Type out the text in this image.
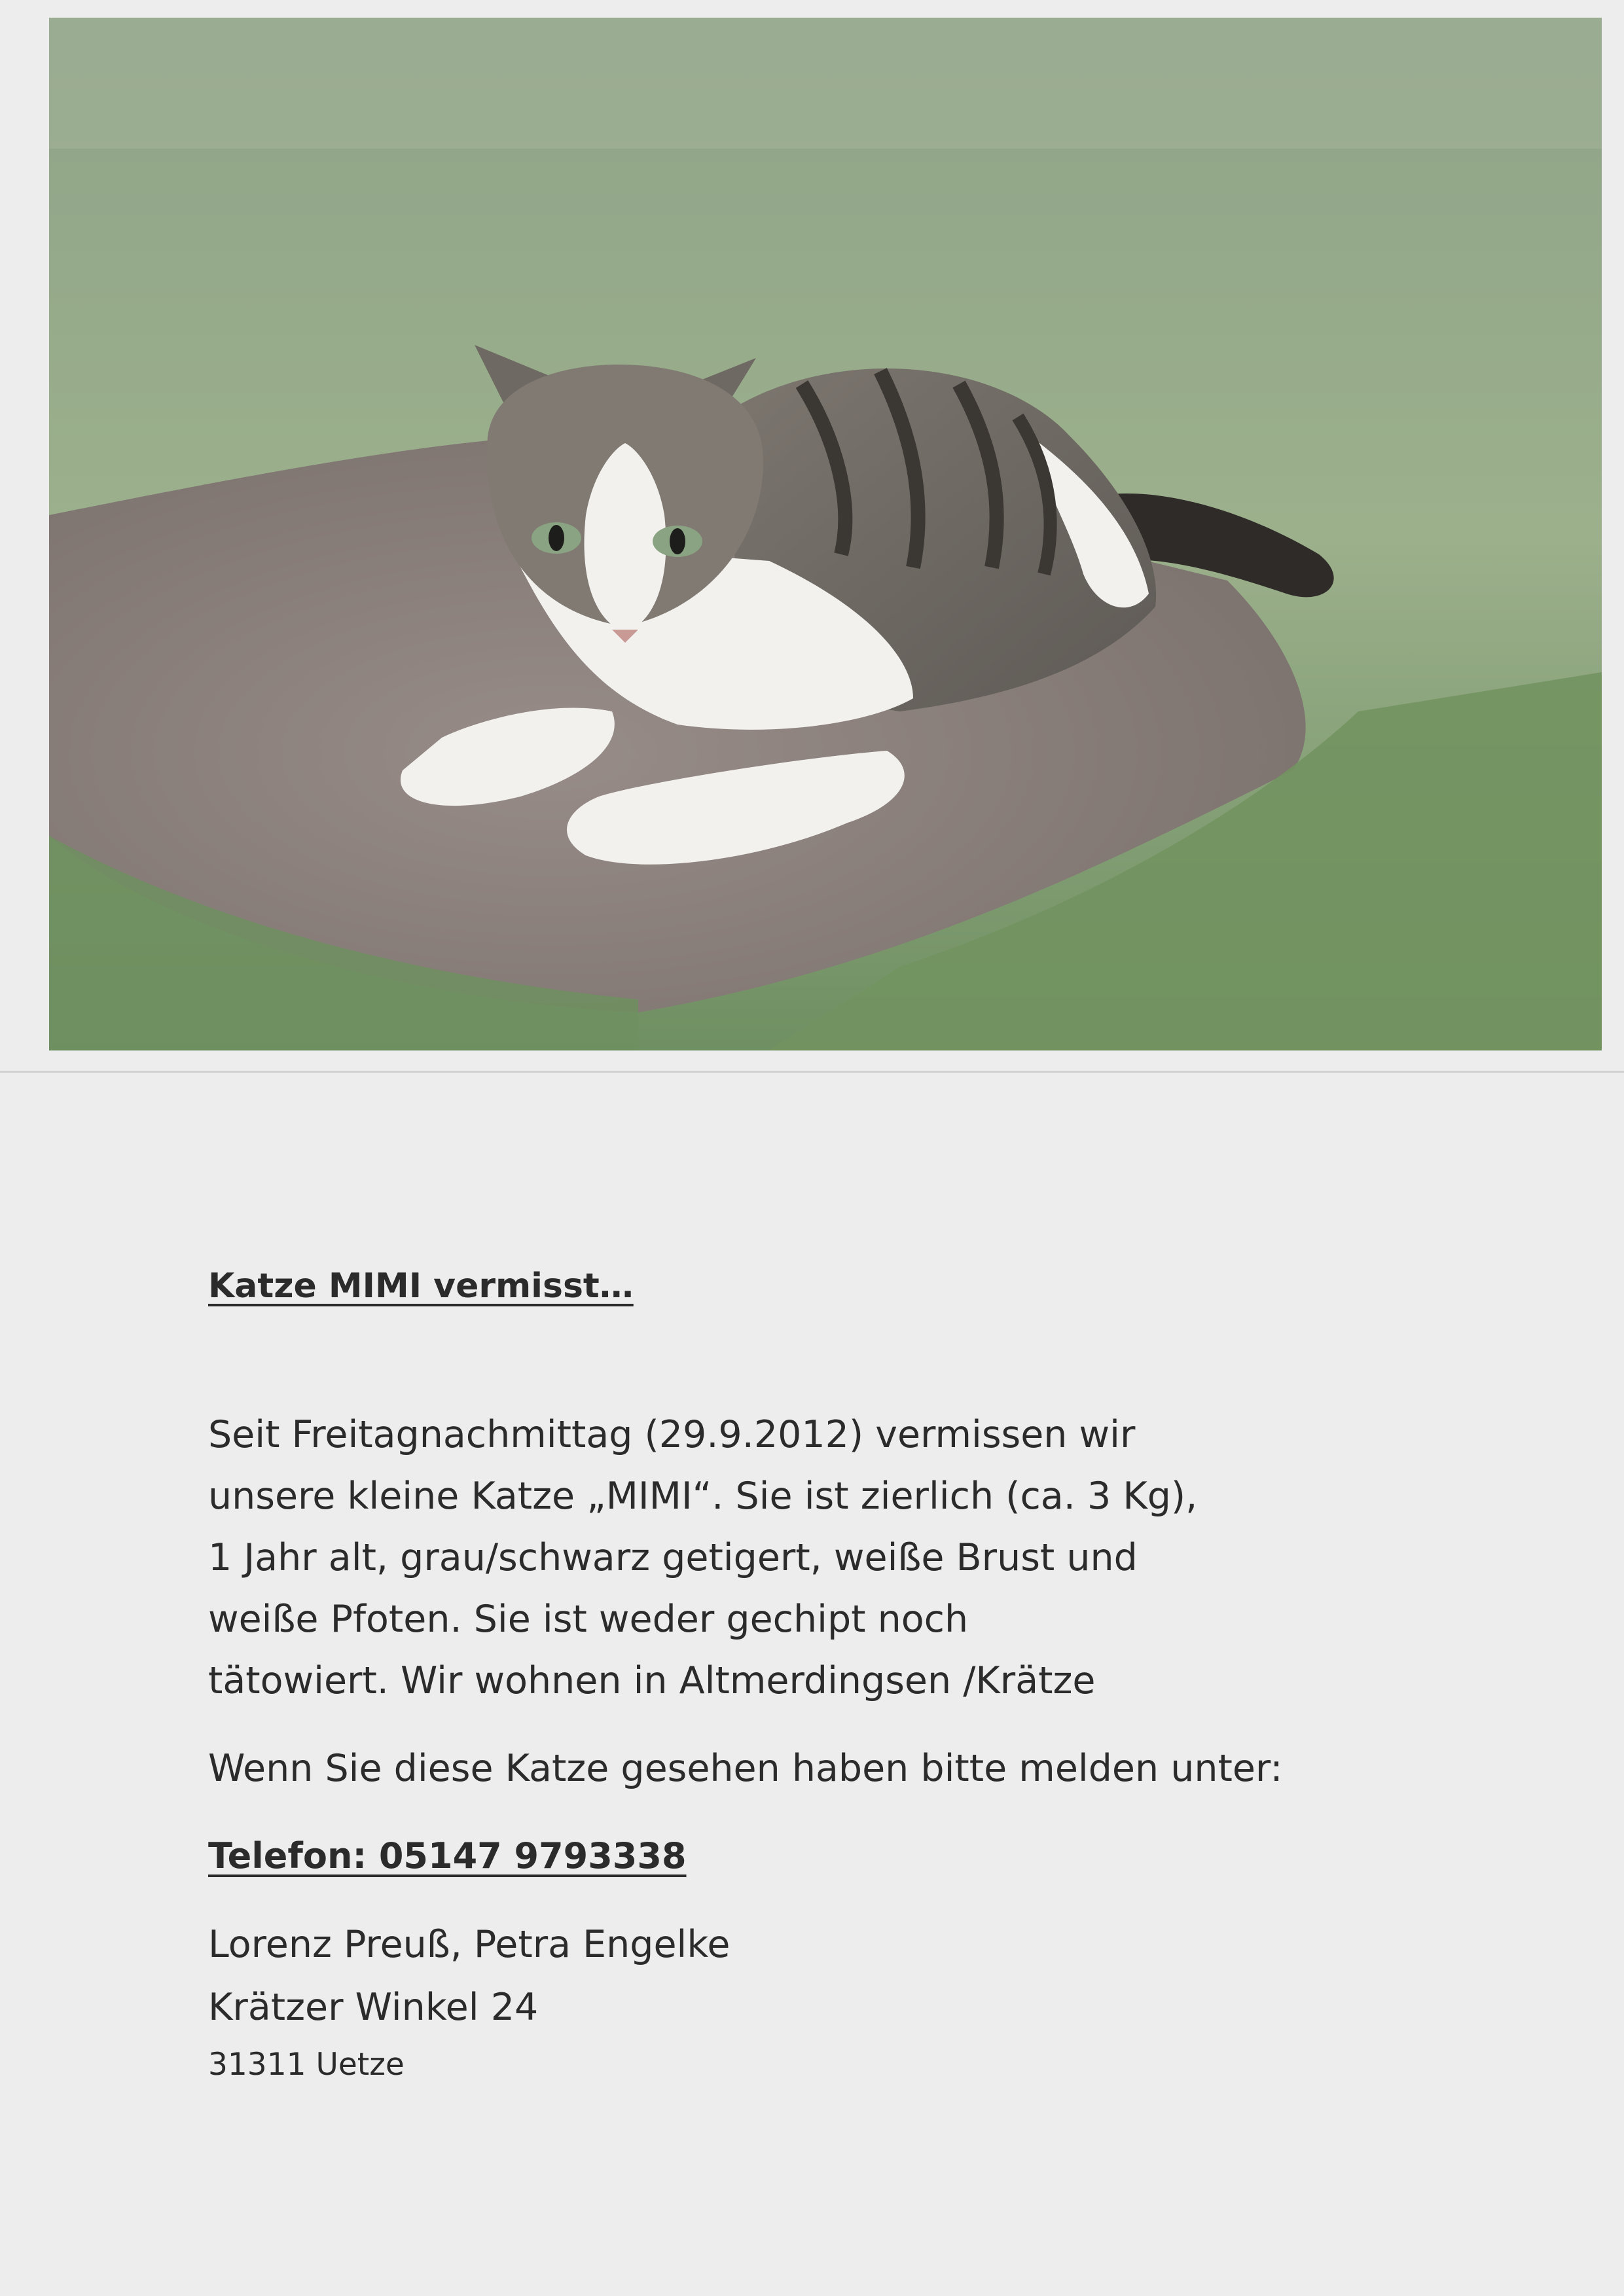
Katze MIMI vermisst…
Seit Freitagnachmittag (29.9.2012) vermissen wir
unsere kleine Katze „MIMI“. Sie ist zierlich (ca. 3 Kg),
1 Jahr alt, grau/schwarz getigert, weiße Brust und
weiße Pfoten. Sie ist weder gechipt noch
tätowiert. Wir wohnen in Altmerdingsen /Krätze
Wenn Sie diese Katze gesehen haben bitte melden unter:
Telefon: 05147 9793338
Lorenz Preuß, Petra Engelke
Krätzer Winkel 24
31311 Uetze
